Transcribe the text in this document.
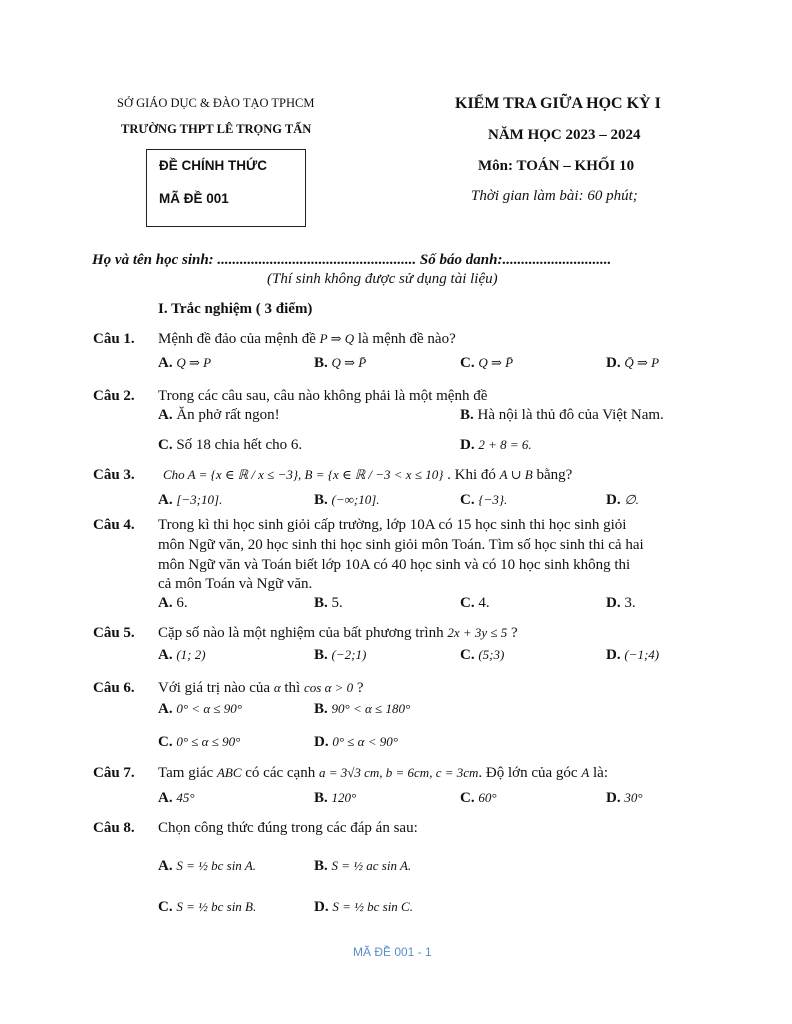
SỞ GIÁO DỤC & ĐÀO TẠO TPHCM
TRƯỜNG THPT LÊ TRỌNG TẤN
ĐỀ CHÍNH THỨC
MÃ ĐỀ 001
KIỂM TRA GIỮA HỌC KỲ I
NĂM HỌC 2023 – 2024
Môn: TOÁN – KHỐI 10
Thời gian làm bài: 60 phút;
Họ và tên học sinh: ..................................................... Số báo danh:.............................
(Thí sinh không được sử dụng tài liệu)
I. Trắc nghiệm ( 3 điểm)
Câu 1. Mệnh đề đảo của mệnh đề P ⇒ Q là mệnh đề nào?
A. Q ⇒ P	B. Q ⇒ P̄	C. Q ⇒ P̄	D. Q̄ ⇒ P
Câu 2. Trong các câu sau, câu nào không phải là một mệnh đề
A. Ăn phở rất ngon!	B. Hà nội là thủ đô của Việt Nam.
C. Số 18 chia hết cho 6.	D. 2 + 8 = 6.
Câu 3. Cho A = {x ∈ ℝ / x ≤ −3}, B = {x ∈ ℝ / −3 < x ≤ 10} . Khi đó A ∪ B bằng?
A. [−3;10].	B. (−∞;10].	C. {−3}.	D. ∅.
Câu 4. Trong kì thi học sinh giỏi cấp trường, lớp 10A có 15 học sinh thi học sinh giỏi
môn Ngữ văn, 20 học sinh thi học sinh giỏi môn Toán. Tìm số học sinh thi cả hai
môn Ngữ văn và Toán biết lớp 10A có 40 học sinh và có 10 học sinh không thi
cả môn Toán và Ngữ văn.
A. 6.	B. 5.	C. 4.	D. 3.
Câu 5. Cặp số nào là một nghiệm của bất phương trình 2x + 3y ≤ 5 ?
A. (1; 2)	B. (−2;1)	C. (5;3)	D. (−1;4)
Câu 6. Với giá trị nào của α thì cos α > 0 ?
A. 0° < α ≤ 90°	B. 90° < α ≤ 180°
C. 0° ≤ α ≤ 90°	D. 0° ≤ α < 90°
Câu 7. Tam giác ABC có các cạnh a = 3√3 cm, b = 6cm, c = 3cm. Độ lớn của góc A là:
A. 45°	B. 120°	C. 60°	D. 30°
Câu 8. Chọn công thức đúng trong các đáp án sau:
A. S = ½ bc sin A.	B. S = ½ ac sin A.
C. S = ½ bc sin B.	D. S = ½ bc sin C.
MÃ ĐỀ 001 - 1
